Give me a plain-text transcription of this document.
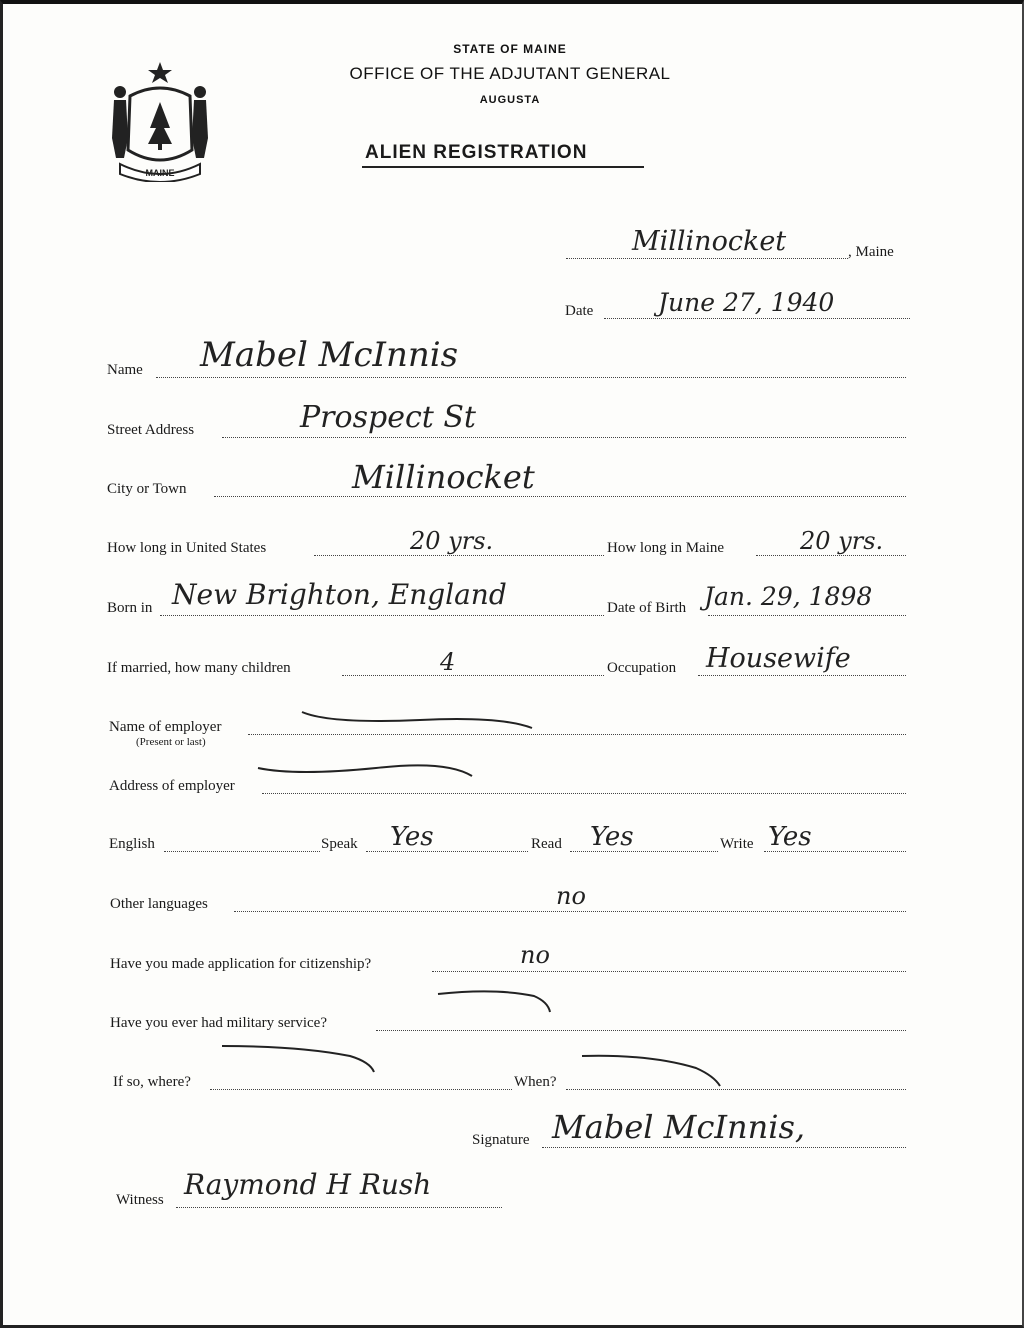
MAINE
STATE OF MAINE
OFFICE OF THE ADJUTANT GENERAL
AUGUSTA
ALIEN REGISTRATION
Millinocket	, Maine
Date	June 27, 1940
Name Mabel McInnis
Street Address	Prospect St
City or Town	Millinocket
How long in United States	20 yrs.	How long in Maine	20 yrs.
Born in New Brighton, England	Date of Birth Jan. 29, 1898
If married, how many children	4	Occupation Housewife
Name of employer
(Present or last)
Address of employer
English	Speak Yes	Read Yes	Write Yes
Other languages	no
Have you made application for citizenship?	no
Have you ever had military service?
If so, where?	When?
Signature Mabel McInnis,
Witness Raymond H Rush
